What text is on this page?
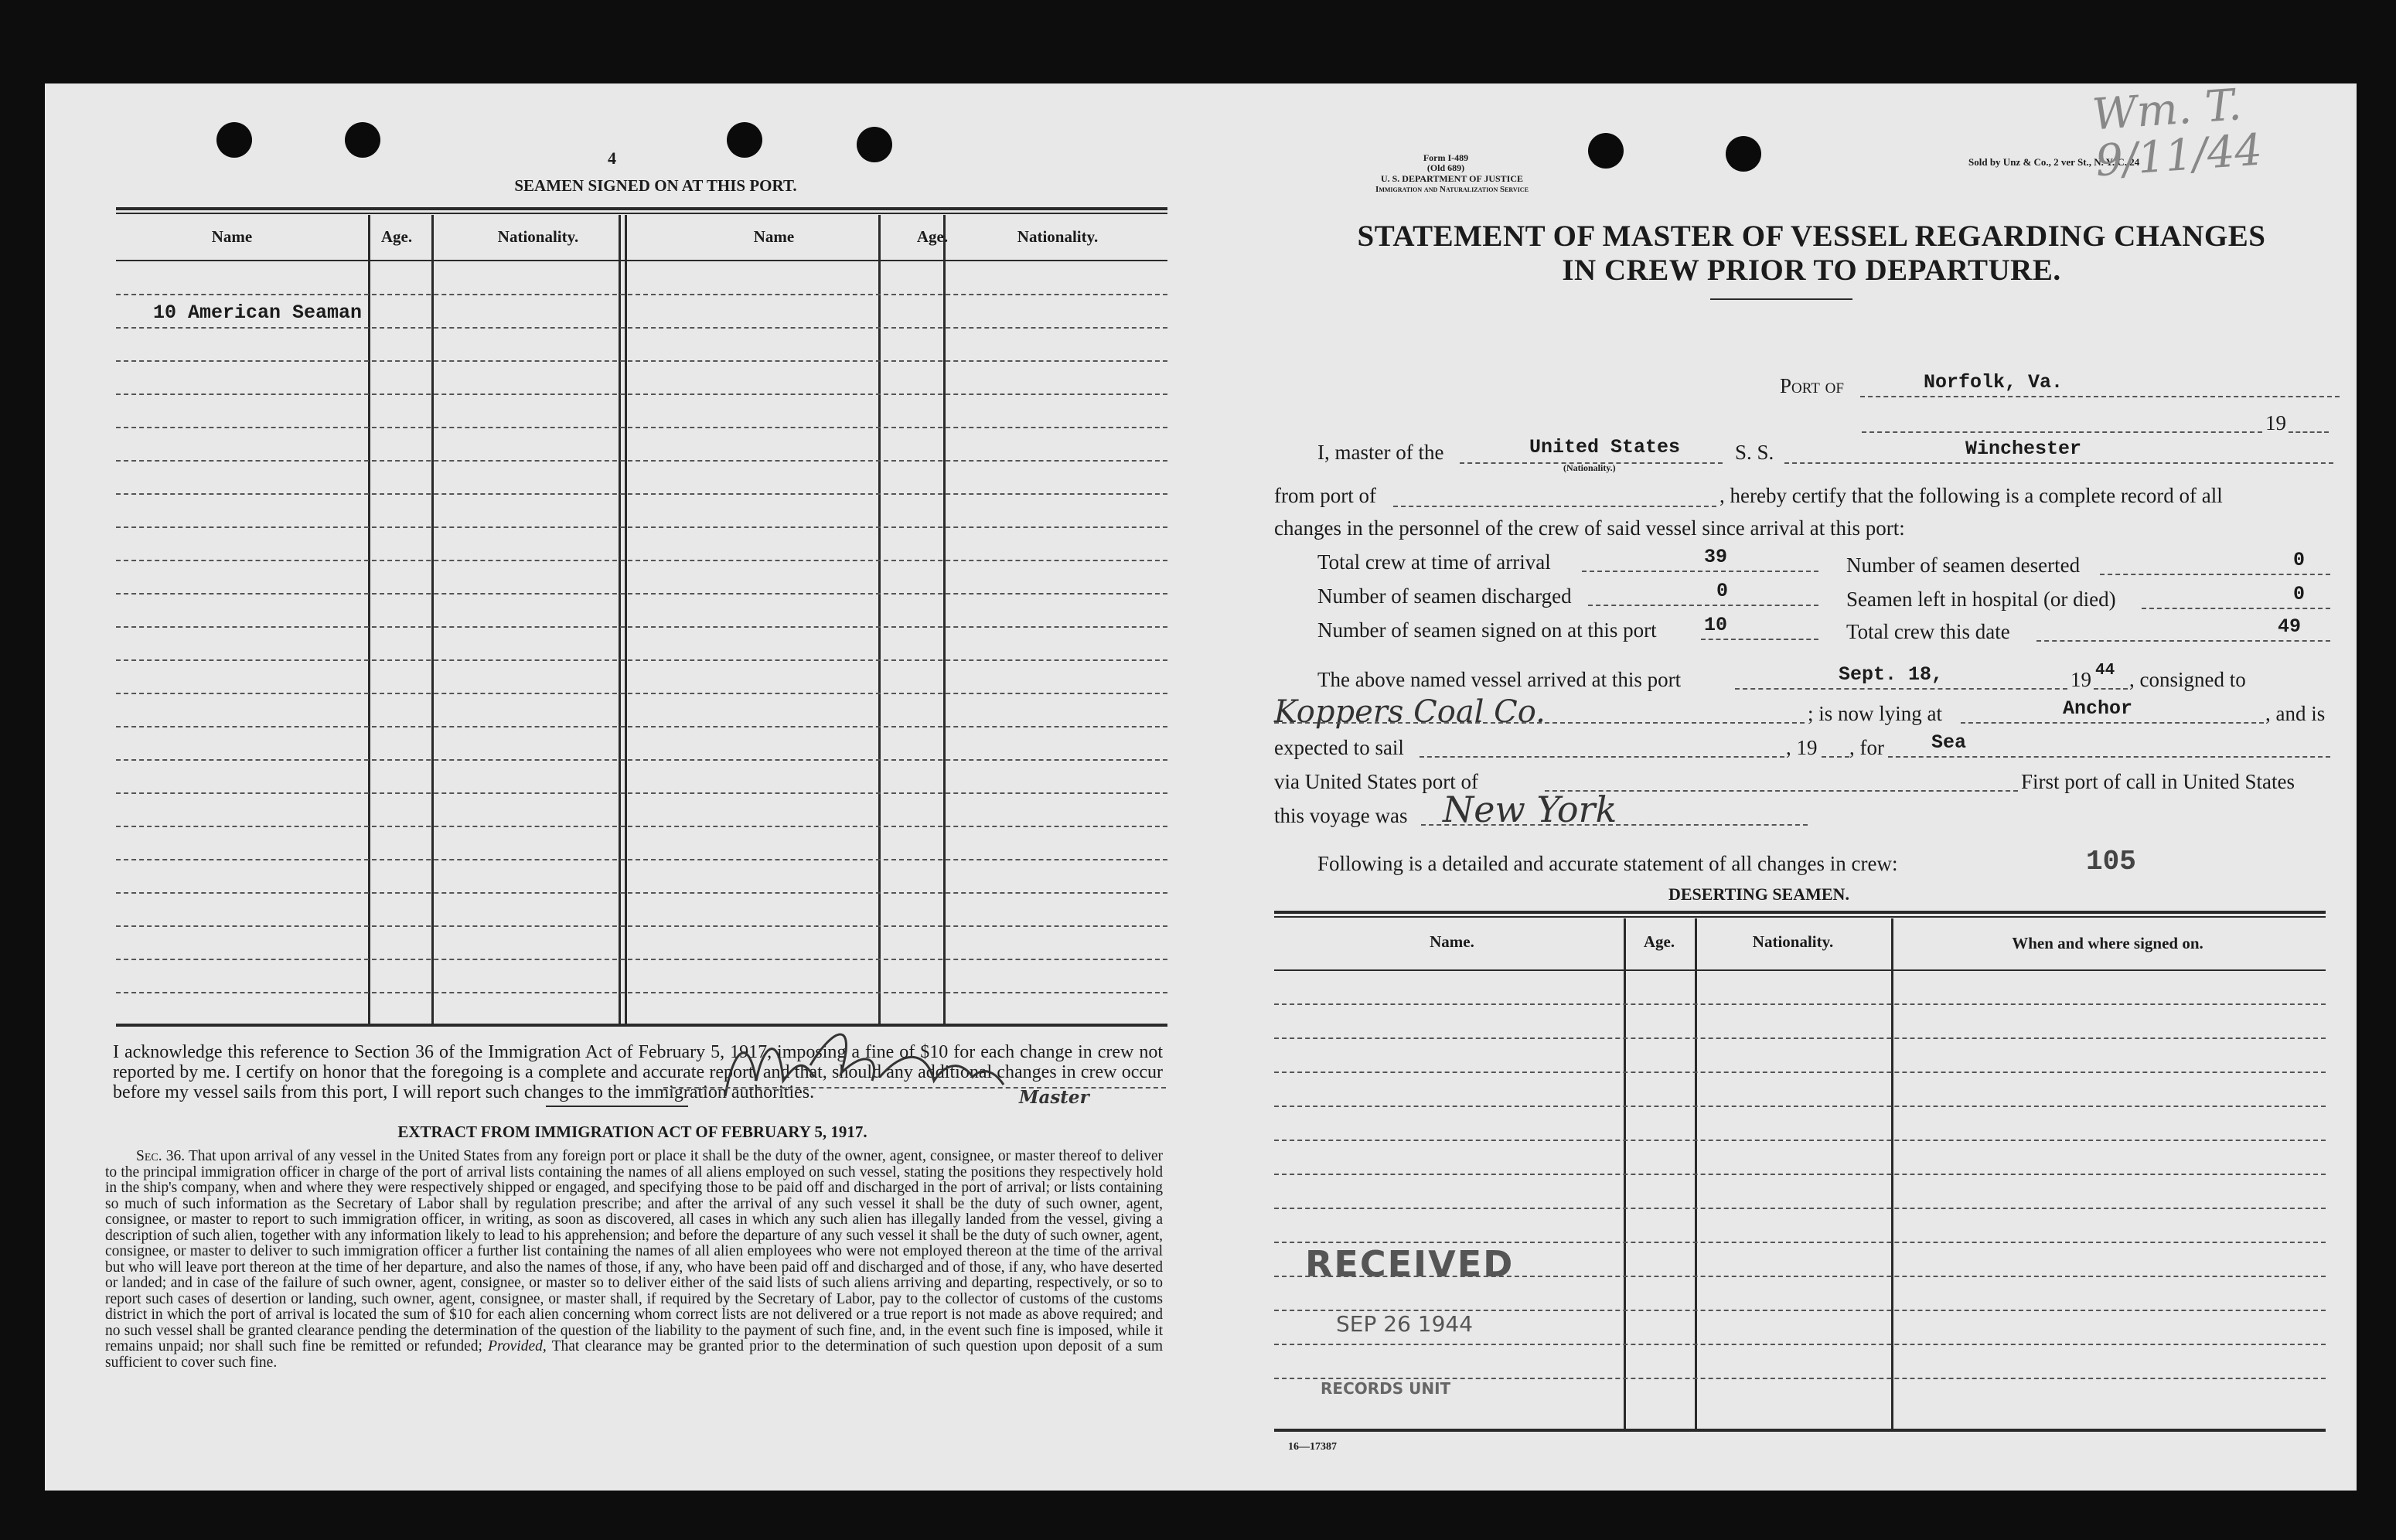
4
SEAMEN SIGNED ON AT THIS PORT.
Name	Age.	Nationality.	Name	Age.	Nationality.
10 American Seaman
I acknowledge this reference to Section 36 of the Immigration Act of February 5, 1917, imposing a fine of $10 for each change in crew not reported by me. I certify on honor that the foregoing is a complete and accurate report, and that, should any additional changes in crew occur before my vessel sails from this port, I will report such changes to the immigration authorities.	Master
EXTRACT FROM IMMIGRATION ACT OF FEBRUARY 5, 1917.
Sec. 36. That upon arrival of any vessel in the United States from any foreign port or place it shall be the duty of the owner, agent, consignee, or master thereof to deliver to the principal immigration officer in charge of the port of arrival lists containing the names of all aliens employed on such vessel, stating the positions they respectively hold in the ship's company, when and where they were respectively shipped or engaged, and specifying those to be paid off and discharged in the port of arrival; or lists containing so much of such information as the Secretary of Labor shall by regulation prescribe; and after the arrival of any such vessel it shall be the duty of such owner, agent, consignee, or master to report to such immigration officer, in writing, as soon as discovered, all cases in which any such alien has illegally landed from the vessel, giving a description of such alien, together with any information likely to lead to his apprehension; and before the departure of any such vessel it shall be the duty of such owner, agent, consignee, or master to deliver to such immigration officer a further list containing the names of all alien employees who were not employed thereon at the time of the arrival but who will leave port thereon at the time of her departure, and also the names of those, if any, who have been paid off and discharged and of those, if any, who have deserted or landed; and in case of the failure of such owner, agent, consignee, or master so to deliver either of the said lists of such aliens arriving and departing, respectively, or so to report such cases of desertion or landing, such owner, agent, consignee, or master shall, if required by the Secretary of Labor, pay to the collector of customs of the customs district in which the port of arrival is located the sum of $10 for each alien concerning whom correct lists are not delivered or a true report is not made as above required; and no such vessel shall be granted clearance pending the determination of the question of the liability to the payment of such fine, and, in the event such fine is imposed, while it remains unpaid; nor shall such fine be remitted or refunded; Provided, That clearance may be granted prior to the determination of such question upon deposit of a sum sufficient to cover such fine.
Form I-489
(Old 689)
U. S. DEPARTMENT OF JUSTICE
Immigration and Naturalization Service
Sold by Unz & Co., 2 ver St., N. Y. C. 24
Wm. T. 9/11/44
STATEMENT OF MASTER OF VESSEL REGARDING CHANGES
IN CREW PRIOR TO DEPARTURE.
Port of	Norfolk, Va.
19
I, master of the	United States
(Nationality.)
S. S.	Winchester
from port of	, hereby certify that the following is a complete record of all
changes in the personnel of the crew of said vessel since arrival at this port:
Total crew at time of arrival	39
Number of seamen discharged	0
Number of seamen signed on at this port 10
Number of seamen deserted	0
Seamen left in hospital (or died)	0
Total crew this date	49
The above named vessel arrived at this port	Sept. 18,	19 44 , consigned to
Koppers Coal Co.	; is now lying at	Anchor	, and is
expected to sail	, 19 , for Sea
via United States port of	First port of call in United States
this voyage was New York
Following is a detailed and accurate statement of all changes in crew:	105
DESERTING SEAMEN.
Name.	Age.	Nationality.	When and where signed on.
RECEIVED
SEP 26 1944
RECORDS UNIT
16—17387
